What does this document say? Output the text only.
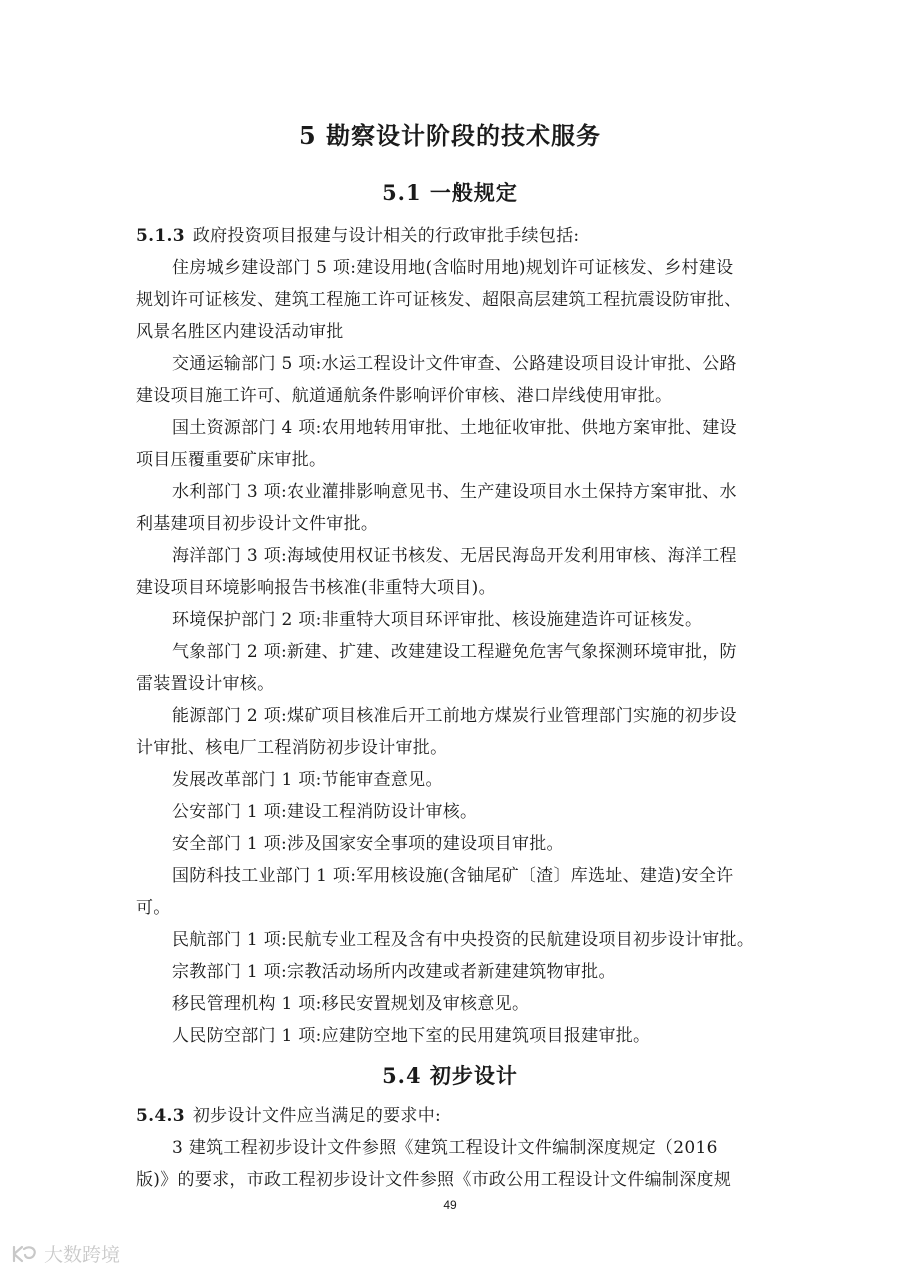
5 勘察设计阶段的技术服务
5.1 一般规定
5.1.3 政府投资项目报建与设计相关的行政审批手续包括:
住房城乡建设部门 5 项:建设用地(含临时用地)规划许可证核发、乡村建设
规划许可证核发、建筑工程施工许可证核发、超限高层建筑工程抗震设防审批、
风景名胜区内建设活动审批
交通运输部门 5 项:水运工程设计文件审查、公路建设项目设计审批、公路
建设项目施工许可、航道通航条件影响评价审核、港口岸线使用审批。
国土资源部门 4 项:农用地转用审批、土地征收审批、供地方案审批、建设
项目压覆重要矿床审批。
水利部门 3 项:农业灌排影响意见书、生产建设项目水土保持方案审批、水
利基建项目初步设计文件审批。
海洋部门 3 项:海域使用权证书核发、无居民海岛开发利用审核、海洋工程
建设项目环境影响报告书核准(非重特大项目)。
环境保护部门 2 项:非重特大项目环评审批、核设施建造许可证核发。
气象部门 2 项:新建、扩建、改建建设工程避免危害气象探测环境审批，防
雷装置设计审核。
能源部门 2 项:煤矿项目核准后开工前地方煤炭行业管理部门实施的初步设
计审批、核电厂工程消防初步设计审批。
发展改革部门 1 项:节能审查意见。
公安部门 1 项:建设工程消防设计审核。
安全部门 1 项:涉及国家安全事项的建设项目审批。
国防科技工业部门 1 项:军用核设施(含铀尾矿〔渣〕库选址、建造)安全许
可。
民航部门 1 项:民航专业工程及含有中央投资的民航建设项目初步设计审批。
宗教部门 1 项:宗教活动场所内改建或者新建建筑物审批。
移民管理机构 1 项:移民安置规划及审核意见。
人民防空部门 1 项:应建防空地下室的民用建筑项目报建审批。
5.4 初步设计
5.4.3 初步设计文件应当满足的要求中:
3 建筑工程初步设计文件参照《建筑工程设计文件编制深度规定（2016
版)》的要求，市政工程初步设计文件参照《市政公用工程设计文件编制深度规
49
大数跨境
